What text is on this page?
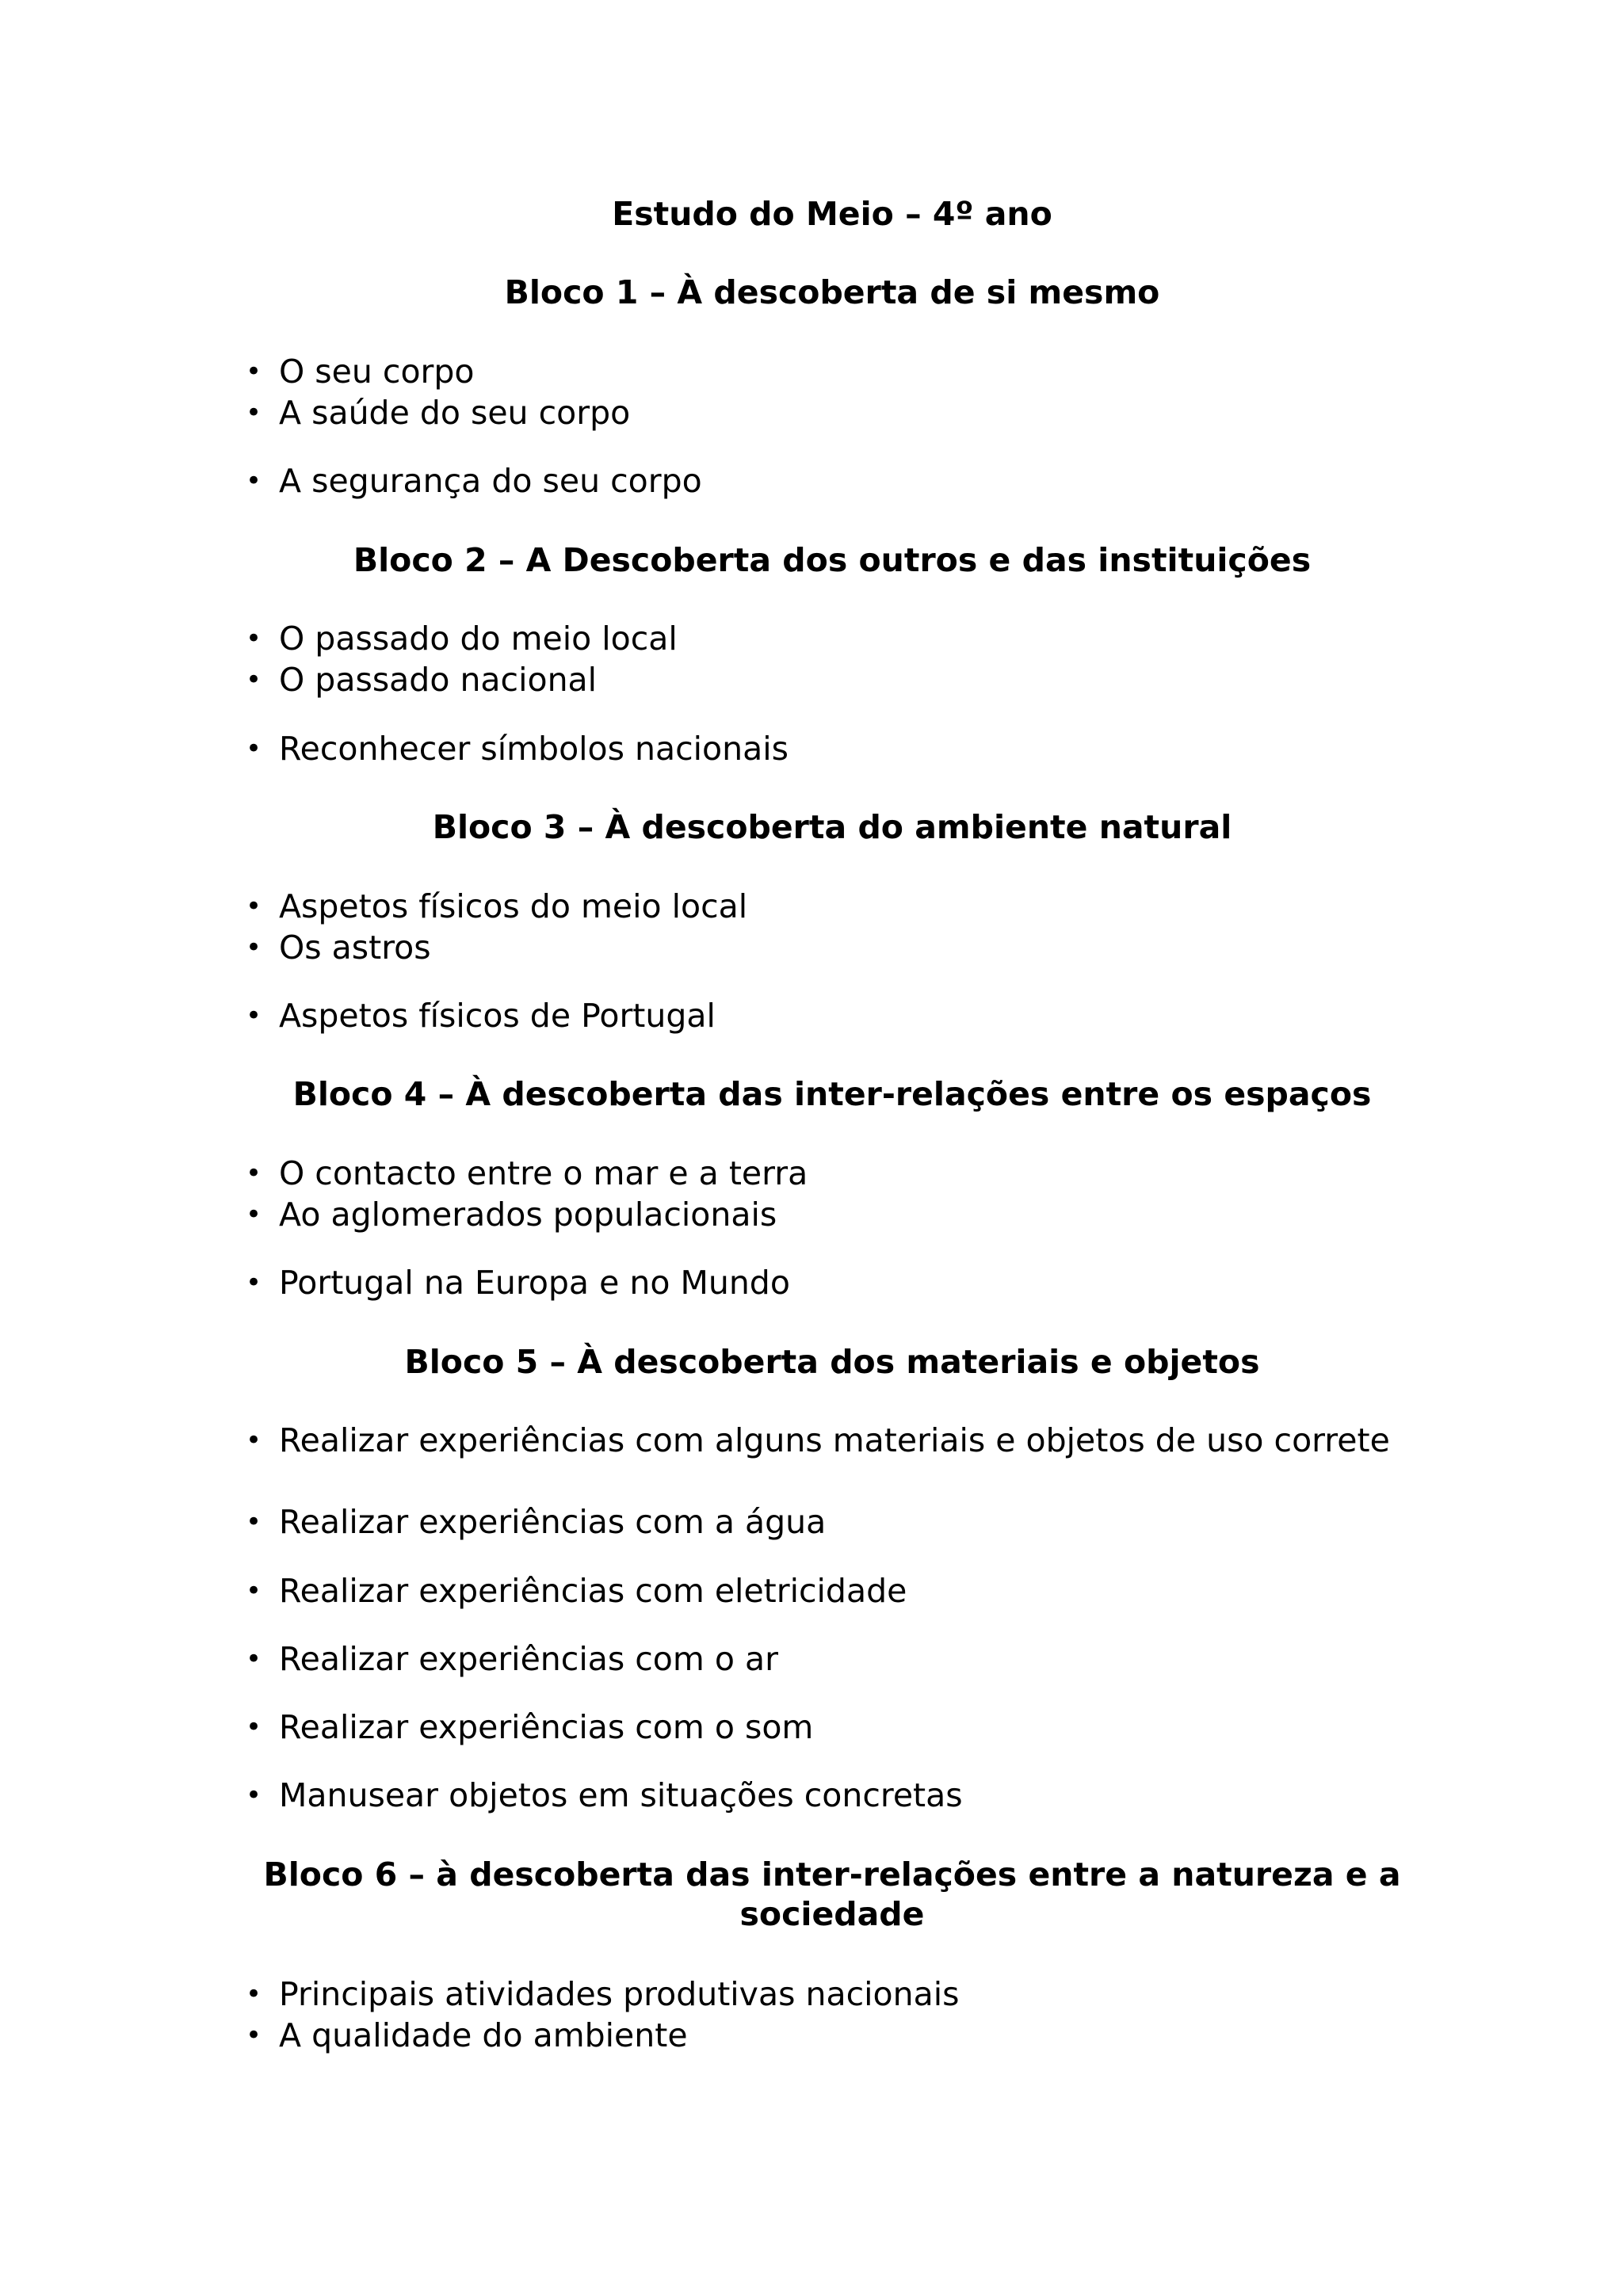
Estudo do Meio – 4º ano
Bloco 1 – À descoberta de si mesmo

• O seu corpo

• A saúde do seu corpo

• A segurança do seu corpo

Bloco 2 – A Descoberta dos outros e das instituições

• O passado do meio local

• O passado nacional

• Reconhecer símbolos nacionais

Bloco 3 – À descoberta do ambiente natural

• Aspetos físicos do meio local

• Os astros

• Aspetos físicos de Portugal

Bloco 4 – À descoberta das inter-relações entre os espaços

• O contacto entre o mar e a terra

• Ao aglomerados populacionais

• Portugal na Europa e no Mundo

Bloco 5 – À descoberta dos materiais e objetos

• Realizar experiências com alguns materiais e objetos de uso correte

• Realizar experiências com a água

• Realizar experiências com eletricidade

• Realizar experiências com o ar

• Realizar experiências com o som

• Manusear objetos em situações concretas

Bloco 6 – à descoberta das inter-relações entre a natureza e a sociedade

• Principais atividades produtivas nacionais

• A qualidade do ambiente
